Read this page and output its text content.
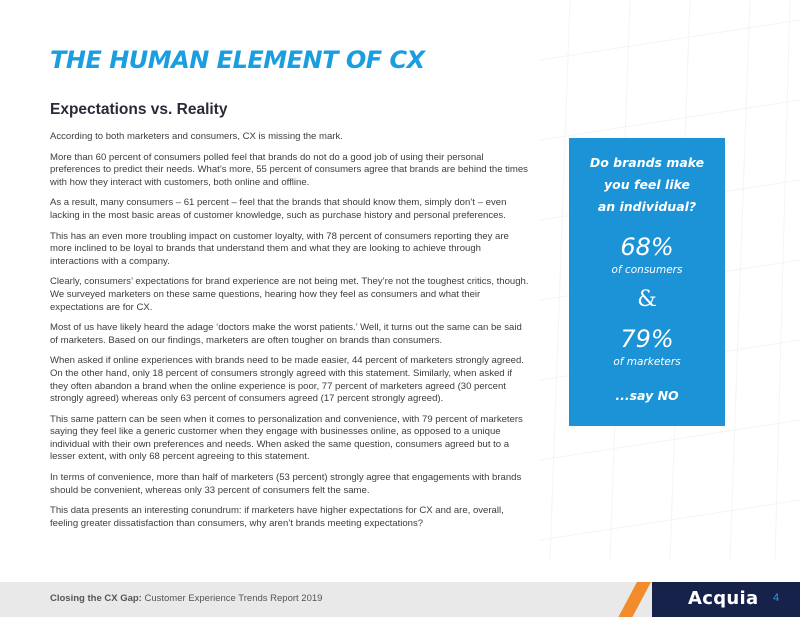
THE HUMAN ELEMENT OF CX
Expectations vs. Reality

According to both marketers and consumers, CX is missing the mark.

More than 60 percent of consumers polled feel that brands do not do a good job of using their personal preferences to predict their needs. What’s more, 55 percent of consumers agree that brands are behind the times with how they interact with customers, both online and offline.

As a result, many consumers – 61 percent – feel that the brands that should know them, simply don’t – even lacking in the most basic areas of customer knowledge, such as purchase history and personal preferences.

This has an even more troubling impact on customer loyalty, with 78 percent of consumers reporting they are more inclined to be loyal to brands that understand them and what they are looking to achieve through interactions with a company.

Clearly, consumers’ expectations for brand experience are not being met. They’re not the toughest critics, though. We surveyed marketers on these same questions, hearing how they feel as consumers and what their expectations are for CX.

Most of us have likely heard the adage ‘doctors make the worst patients.’ Well, it turns out the same can be said of marketers. Based on our findings, marketers are often tougher on brands than consumers.

When asked if online experiences with brands need to be made easier, 44 percent of marketers strongly agreed. On the other hand, only 18 percent of consumers strongly agreed with this statement. Similarly, when asked if they often abandon a brand when the online experience is poor, 77 percent of marketers agreed (30 percent strongly agreed) whereas only 63 percent of consumers agreed (17 percent strongly agreed).

This same pattern can be seen when it comes to personalization and convenience, with 79 percent of marketers saying they feel like a generic customer when they engage with businesses online, as opposed to a unique individual with their own preferences and needs. When asked the same question, consumers agreed but to a lesser extent, with only 68 percent agreeing to this statement.

In terms of convenience, more than half of marketers (53 percent) strongly agree that engagements with brands should be convenient, whereas only 33 percent of consumers felt the same.

This data presents an interesting conundrum: if marketers have higher expectations for CX and are, overall, feeling greater dissatisfaction than consumers, why aren’t brands meeting expectations?

Do brands make
you feel like
an individual?
68%
of consumers
&
79%
of marketers
...say NO
Closing the CX Gap: Customer Experience Trends Report 2019	Acquia 4
